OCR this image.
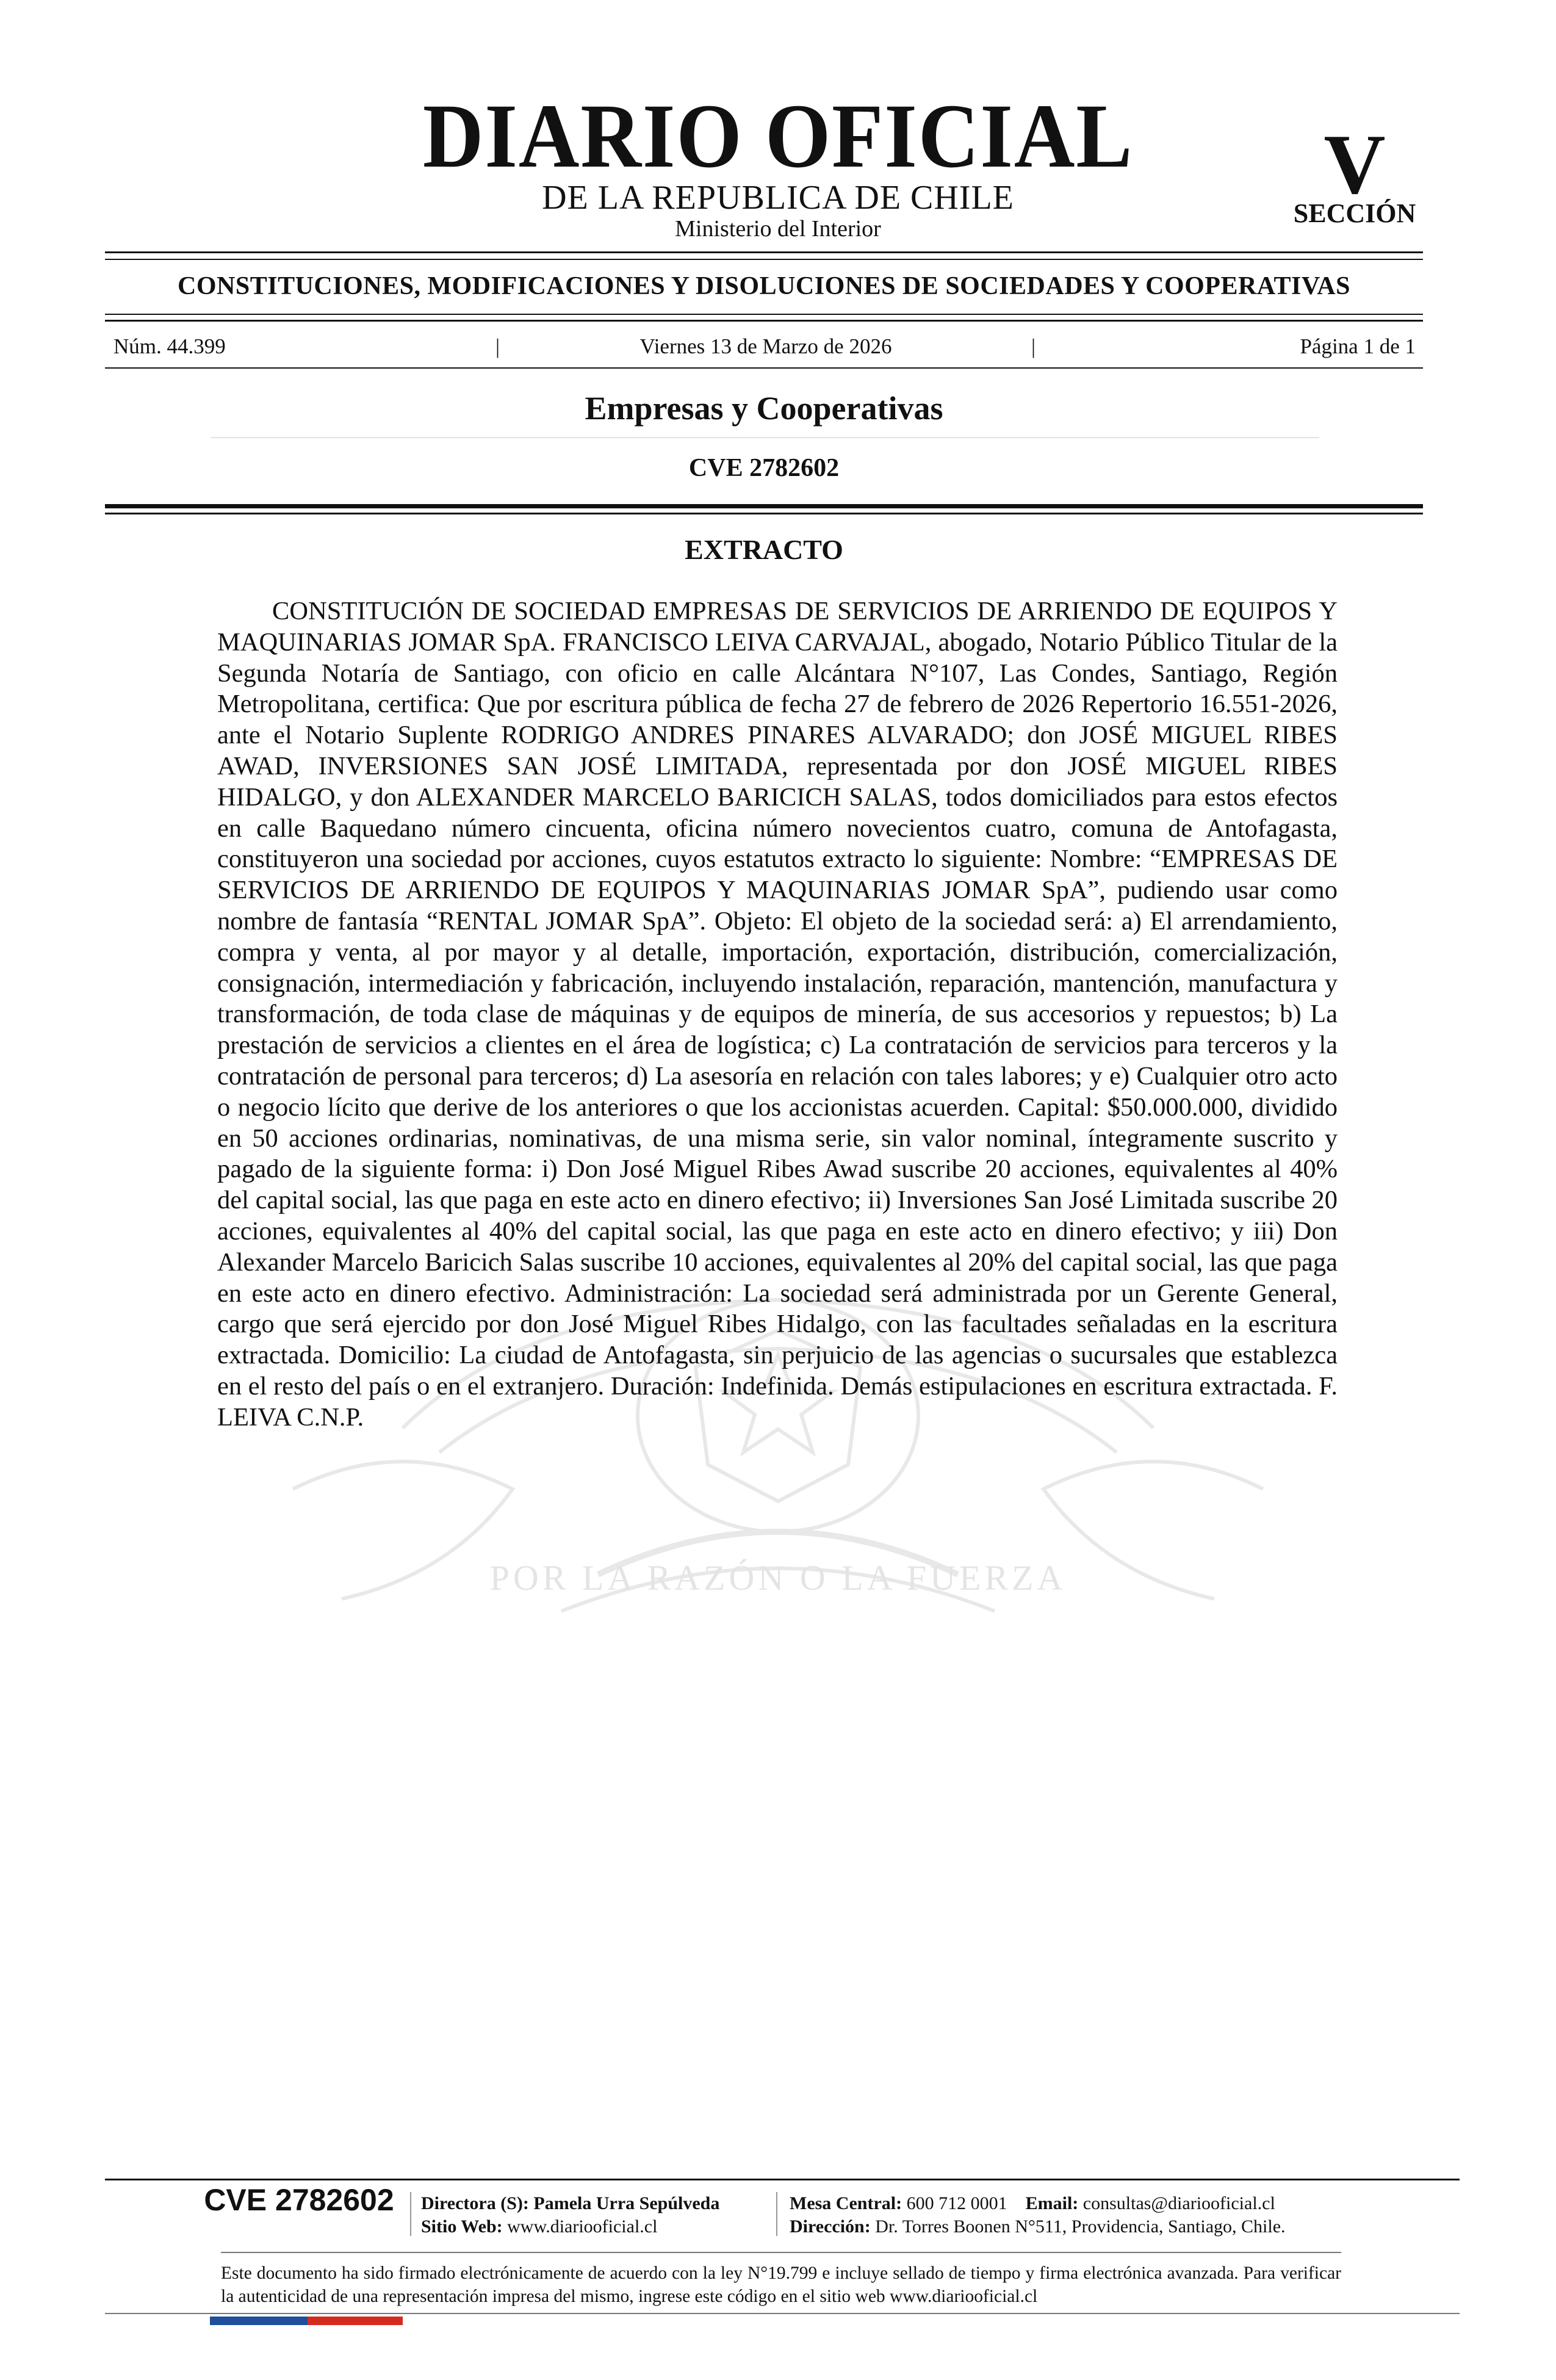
DIARIO OFICIAL
DE LA REPUBLICA DE CHILE
Ministerio del Interior
V
SECCIÓN
CONSTITUCIONES, MODIFICACIONES Y DISOLUCIONES DE SOCIEDADES Y COOPERATIVAS
Núm. 44.399	|	Viernes 13 de Marzo de 2026	|	Página 1 de 1
Empresas y Cooperativas
CVE 2782602
EXTRACTO
POR LA RAZÓN O LA FUERZA

CONSTITUCIÓN DE SOCIEDAD EMPRESAS DE SERVICIOS DE ARRIENDO DE EQUIPOS Y MAQUINARIAS JOMAR SpA. FRANCISCO LEIVA CARVAJAL, abogado, Notario Público Titular de la Segunda Notaría de Santiago, con oficio en calle Alcántara N°107, Las Condes, Santiago, Región Metropolitana, certifica: Que por escritura pública de fecha 27 de febrero de 2026 Repertorio 16.551-2026, ante el Notario Suplente RODRIGO ANDRES PINARES ALVARADO; don JOSÉ MIGUEL RIBES AWAD, INVERSIONES SAN JOSÉ LIMITADA, representada por don JOSÉ MIGUEL RIBES HIDALGO, y don ALEXANDER MARCELO BARICICH SALAS, todos domiciliados para estos efectos en calle Baquedano número cincuenta, oficina número novecientos cuatro, comuna de Antofagasta, constituyeron una sociedad por acciones, cuyos estatutos extracto lo siguiente: Nombre: “EMPRESAS DE SERVICIOS DE ARRIENDO DE EQUIPOS Y MAQUINARIAS JOMAR SpA”, pudiendo usar como nombre de fantasía “RENTAL JOMAR SpA”. Objeto: El objeto de la sociedad será: a) El arrendamiento, compra y venta, al por mayor y al detalle, importación, exportación, distribución, comercialización, consignación, intermediación y fabricación, incluyendo instalación, reparación, mantención, manufactura y transformación, de toda clase de máquinas y de equipos de minería, de sus accesorios y repuestos; b) La prestación de servicios a clientes en el área de logística; c) La contratación de servicios para terceros y la contratación de personal para terceros; d) La asesoría en relación con tales labores; y e) Cualquier otro acto o negocio lícito que derive de los anteriores o que los accionistas acuerden. Capital: $50.000.000, dividido en 50 acciones ordinarias, nominativas, de una misma serie, sin valor nominal, íntegramente suscrito y pagado de la siguiente forma: i) Don José Miguel Ribes Awad suscribe 20 acciones, equivalentes al 40% del capital social, las que paga en este acto en dinero efectivo; ii) Inversiones San José Limitada suscribe 20 acciones, equivalentes al 40% del capital social, las que paga en este acto en dinero efectivo; y iii) Don Alexander Marcelo Baricich Salas suscribe 10 acciones, equivalentes al 20% del capital social, las que paga en este acto en dinero efectivo. Administración: La sociedad será administrada por un Gerente General, cargo que será ejercido por don José Miguel Ribes Hidalgo, con las facultades señaladas en la escritura extractada. Domicilio: La ciudad de Antofagasta, sin perjuicio de las agencias o sucursales que establezca en el resto del país o en el extranjero. Duración: Indefinida. Demás estipulaciones en escritura extractada. F. LEIVA C.N.P.

CVE 2782602	Directora (S): Pamela Urra Sepúlveda
Sitio Web: www.diariooficial.cl
Mesa Central: 600 712 0001 Email: consultas@diariooficial.cl
Dirección: Dr. Torres Boonen N°511, Providencia, Santiago, Chile.
Este documento ha sido firmado electrónicamente de acuerdo con la ley N°19.799 e incluye sellado de tiempo y firma electrónica avanzada. Para verificar la autenticidad de una representación impresa del mismo, ingrese este código en el sitio web www.diariooficial.cl
